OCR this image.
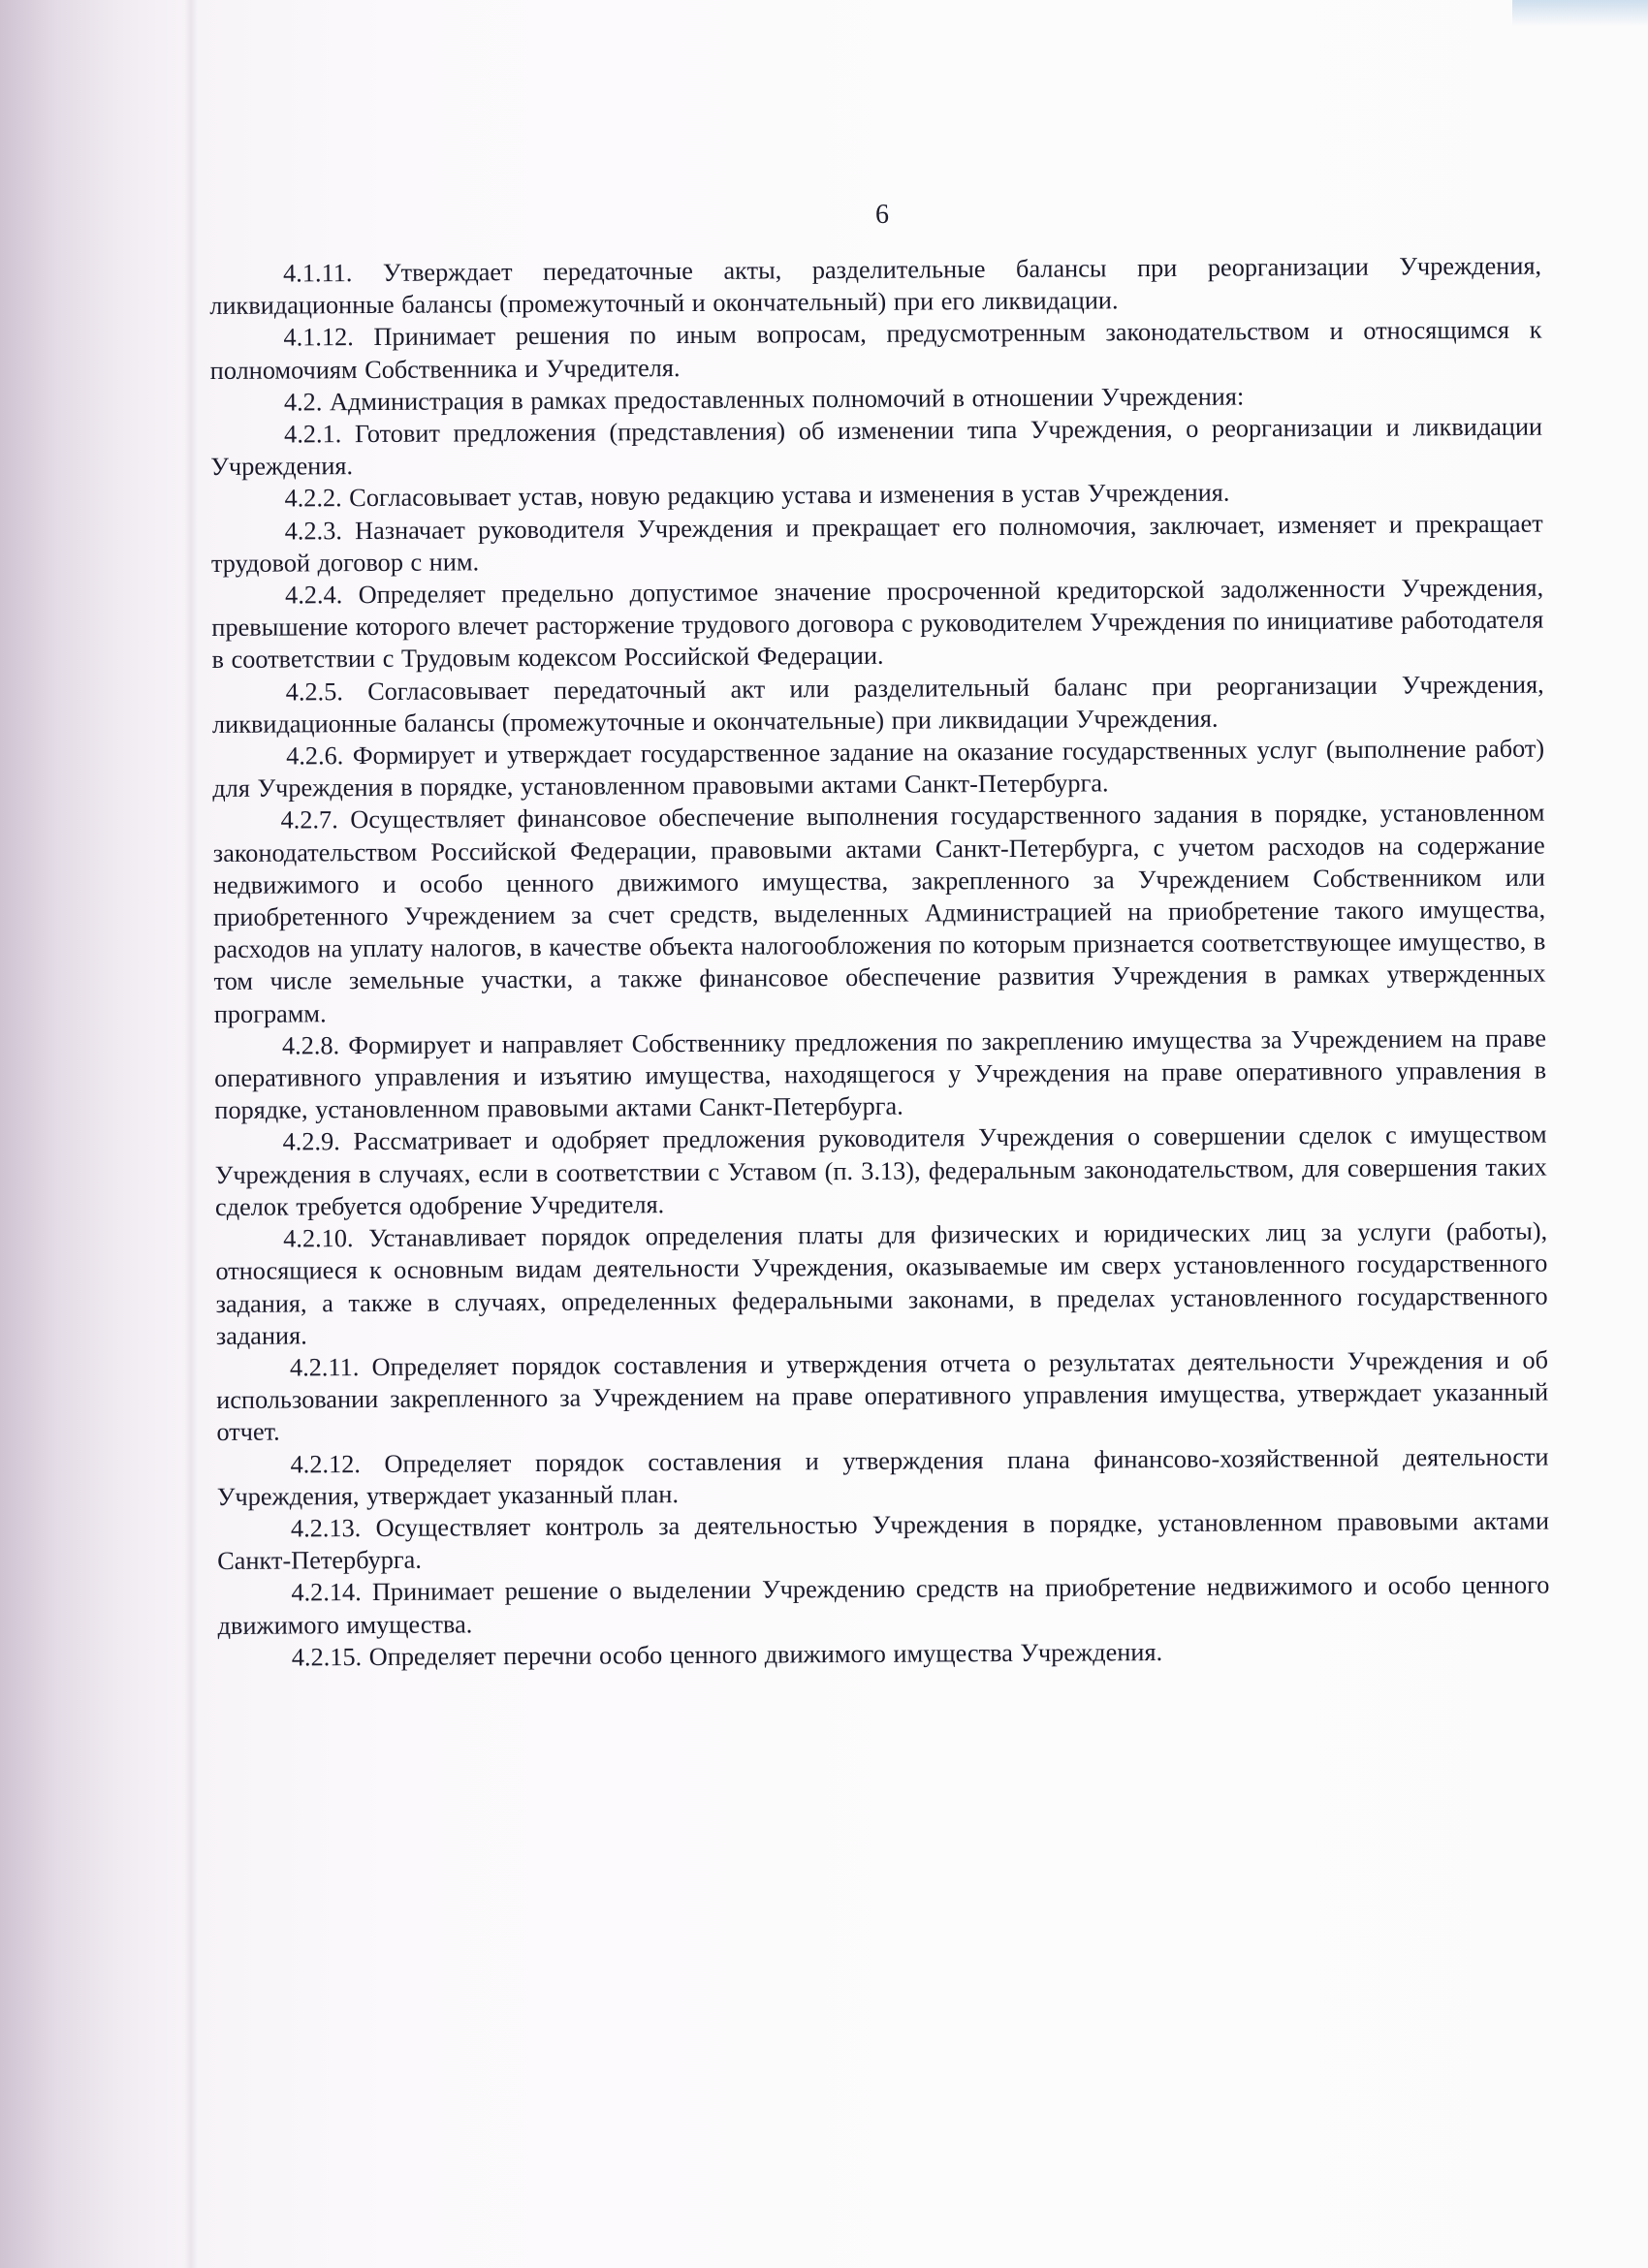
6

4.1.11. Утверждает передаточные акты, разделительные балансы при реорганизации Учреждения, ликвидационные балансы (промежуточный и окончательный) при его ликвидации.

4.1.12. Принимает решения по иным вопросам, предусмотренным законодательством и относящимся к полномочиям Собственника и Учредителя.

4.2. Администрация в рамках предоставленных полномочий в отношении Учреждения:

4.2.1. Готовит предложения (представления) об изменении типа Учреждения, о реорганизации и ликвидации Учреждения.

4.2.2. Согласовывает устав, новую редакцию устава и изменения в устав Учреждения.

4.2.3. Назначает руководителя Учреждения и прекращает его полномочия, заключает, изменяет и прекращает трудовой договор с ним.

4.2.4. Определяет предельно допустимое значение просроченной кредиторской задолженности Учреждения, превышение которого влечет расторжение трудового договора с руководителем Учреждения по инициативе работодателя в соответствии с Трудовым кодексом Российской Федерации.

4.2.5. Согласовывает передаточный акт или разделительный баланс при реорганизации Учреждения, ликвидационные балансы (промежуточные и окончательные) при ликвидации Учреждения.

4.2.6. Формирует и утверждает государственное задание на оказание государственных услуг (выполнение работ) для Учреждения в порядке, установленном правовыми актами Санкт-Петербурга.

4.2.7. Осуществляет финансовое обеспечение выполнения государственного задания в порядке, установленном законодательством Российской Федерации, правовыми актами Санкт-Петербурга, с учетом расходов на содержание недвижимого и особо ценного движимого имущества, закрепленного за Учреждением Собственником или приобретенного Учреждением за счет средств, выделенных Администрацией на приобретение такого имущества, расходов на уплату налогов, в качестве объекта налогообложения по которым признается соответствующее имущество, в том числе земельные участки, а также финансовое обеспечение развития Учреждения в рамках утвержденных программ.

4.2.8. Формирует и направляет Собственнику предложения по закреплению имущества за Учреждением на праве оперативного управления и изъятию имущества, находящегося у Учреждения на праве оперативного управления в порядке, установленном правовыми актами Санкт-Петербурга.

4.2.9. Рассматривает и одобряет предложения руководителя Учреждения о совершении сделок с имуществом Учреждения в случаях, если в соответствии с Уставом (п. 3.13), федеральным законодательством, для совершения таких сделок требуется одобрение Учредителя.

4.2.10. Устанавливает порядок определения платы для физических и юридических лиц за услуги (работы), относящиеся к основным видам деятельности Учреждения, оказываемые им сверх установленного государственного задания, а также в случаях, определенных федеральными законами, в пределах установленного государственного задания.

4.2.11. Определяет порядок составления и утверждения отчета о результатах деятельности Учреждения и об использовании закрепленного за Учреждением на праве оперативного управления имущества, утверждает указанный отчет.

4.2.12. Определяет порядок составления и утверждения плана финансово-хозяйственной деятельности Учреждения, утверждает указанный план.

4.2.13. Осуществляет контроль за деятельностью Учреждения в порядке, установленном правовыми актами Санкт-Петербурга.

4.2.14. Принимает решение о выделении Учреждению средств на приобретение недвижимого и особо ценного движимого имущества.

4.2.15. Определяет перечни особо ценного движимого имущества Учреждения.
